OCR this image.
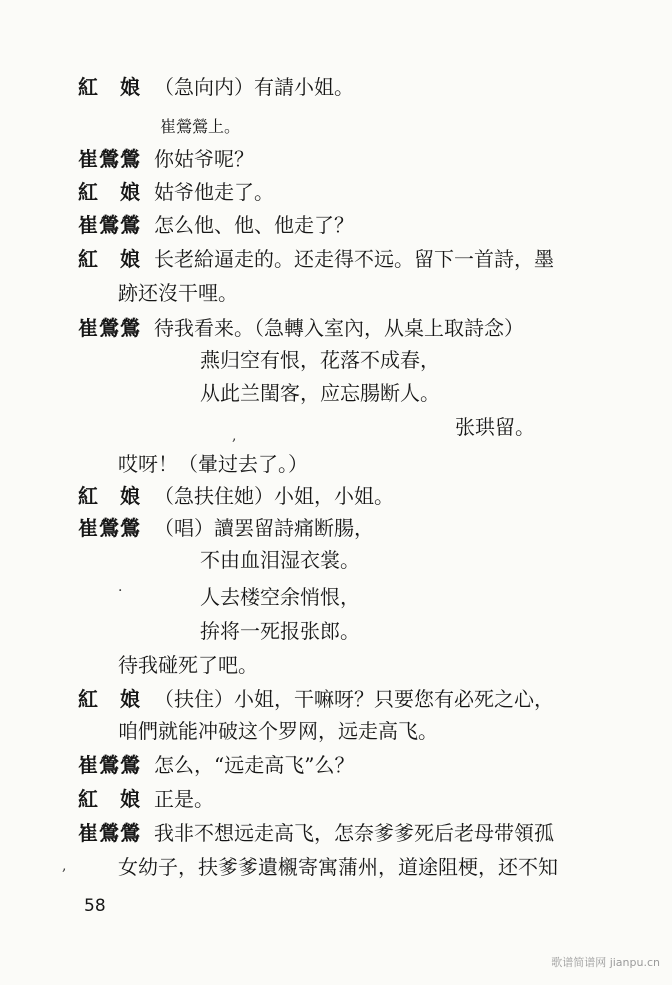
紅　娘 （急向内）有請小姐。
崔鶯鶯上。
崔鶯鶯 你姑爷呢？
紅　娘 姑爷他走了。
崔鶯鶯 怎么他、他、他走了？
紅　娘 长老給逼走的。还走得不远。留下一首詩，墨
跡还沒干哩。
崔鶯鶯 待我看来。（急轉入室內，从桌上取詩念）
燕归空有恨，花落不成春，
从此兰閨客，应忘腸断人。
张珙留。
,
哎呀！（暈过去了。）
紅　娘 （急扶住她）小姐，小姐。
崔鶯鶯 （唱）讀罢留詩痛断腸，
不由血泪湿衣裳。
·	人去楼空余悄恨，
拚将一死报张郎。
待我碰死了吧。
紅　娘 （扶住）小姐，干嘛呀？只要您有必死之心，
咱們就能冲破这个罗网，远走高飞。
崔鶯鶯 怎么，“远走高飞”么？
紅　娘 正是。
崔鶯鶯 我非不想远走高飞，怎奈爹爹死后老母带領孤
女幼子，扶爹爹遺櫬寄寓蒲州，道途阻梗，还不知
,
58
歌谱简谱网 jianpu.cn
